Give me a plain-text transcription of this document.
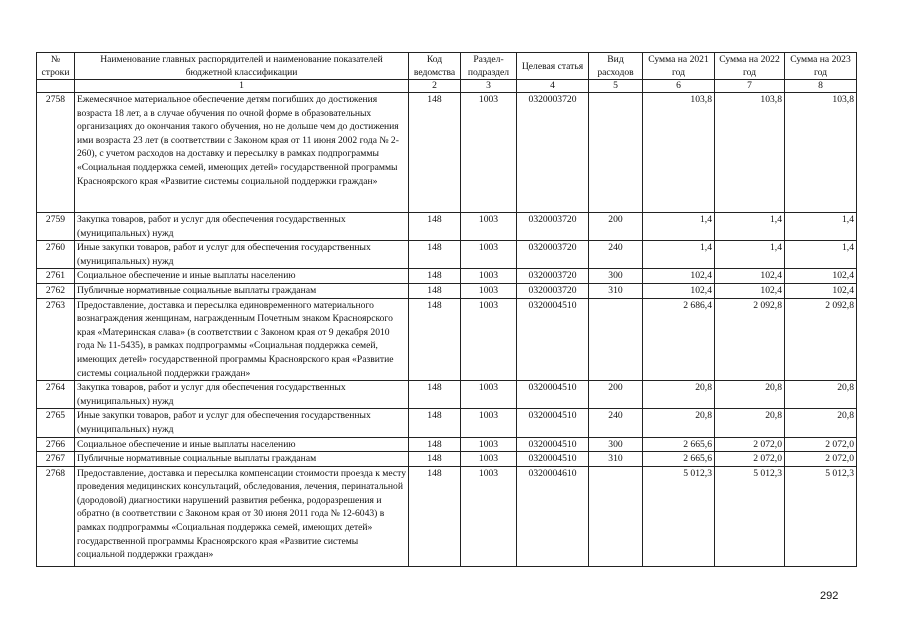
№ строки	Наименование главных распорядителей и наименование показателей бюджетной классификации	Код ведомства	Раздел-подраздел	Целевая статья	Вид расходов	Сумма на 2021 год	Сумма на 2022 год	Сумма на 2023 год
	1	2	3	4	5	6	7	8
2758	Ежемесячное материальное обеспечение детям погибших до достижения возраста 18 лет, а в случае обучения по очной форме в образовательных организациях до окончания такого обучения, но не дольше чем до достижения ими возраста 23 лет (в соответствии с Законом края от 11 июня 2002 года № 2-260), с учетом расходов на доставку и пересылку в рамках подпрограммы «Социальная поддержка семей, имеющих детей» государственной программы Красноярского края «Развитие системы социальной поддержки граждан»	148	1003	0320003720		103,8	103,8	103,8
2759	Закупка товаров, работ и услуг для обеспечения государственных (муниципальных) нужд	148	1003	0320003720	200	1,4	1,4	1,4
2760	Иные закупки товаров, работ и услуг для обеспечения государственных (муниципальных) нужд	148	1003	0320003720	240	1,4	1,4	1,4
2761	Социальное обеспечение и иные выплаты населению	148	1003	0320003720	300	102,4	102,4	102,4
2762	Публичные нормативные социальные выплаты гражданам	148	1003	0320003720	310	102,4	102,4	102,4
2763	Предоставление, доставка и пересылка единовременного материального вознаграждения женщинам, награжденным Почетным знаком Красноярского края «Материнская слава» (в соответствии с Законом края от 9 декабря 2010 года № 11-5435), в рамках подпрограммы «Социальная поддержка семей, имеющих детей» государственной программы Красноярского края «Развитие системы социальной поддержки граждан»	148	1003	0320004510		2 686,4	2 092,8	2 092,8
2764	Закупка товаров, работ и услуг для обеспечения государственных (муниципальных) нужд	148	1003	0320004510	200	20,8	20,8	20,8
2765	Иные закупки товаров, работ и услуг для обеспечения государственных (муниципальных) нужд	148	1003	0320004510	240	20,8	20,8	20,8
2766	Социальное обеспечение и иные выплаты населению	148	1003	0320004510	300	2 665,6	2 072,0	2 072,0
2767	Публичные нормативные социальные выплаты гражданам	148	1003	0320004510	310	2 665,6	2 072,0	2 072,0
2768	Предоставление, доставка и пересылка компенсации стоимости проезда к месту проведения медицинских консультаций, обследования, лечения, перинатальной (дородовой) диагностики нарушений развития ребенка, родоразрешения и обратно (в соответствии с Законом края от 30 июня 2011 года № 12-6043) в рамках подпрограммы «Социальная поддержка семей, имеющих детей» государственной программы Красноярского края «Развитие системы социальной поддержки граждан»	148	1003	0320004610		5 012,3	5 012,3	5 012,3
292
